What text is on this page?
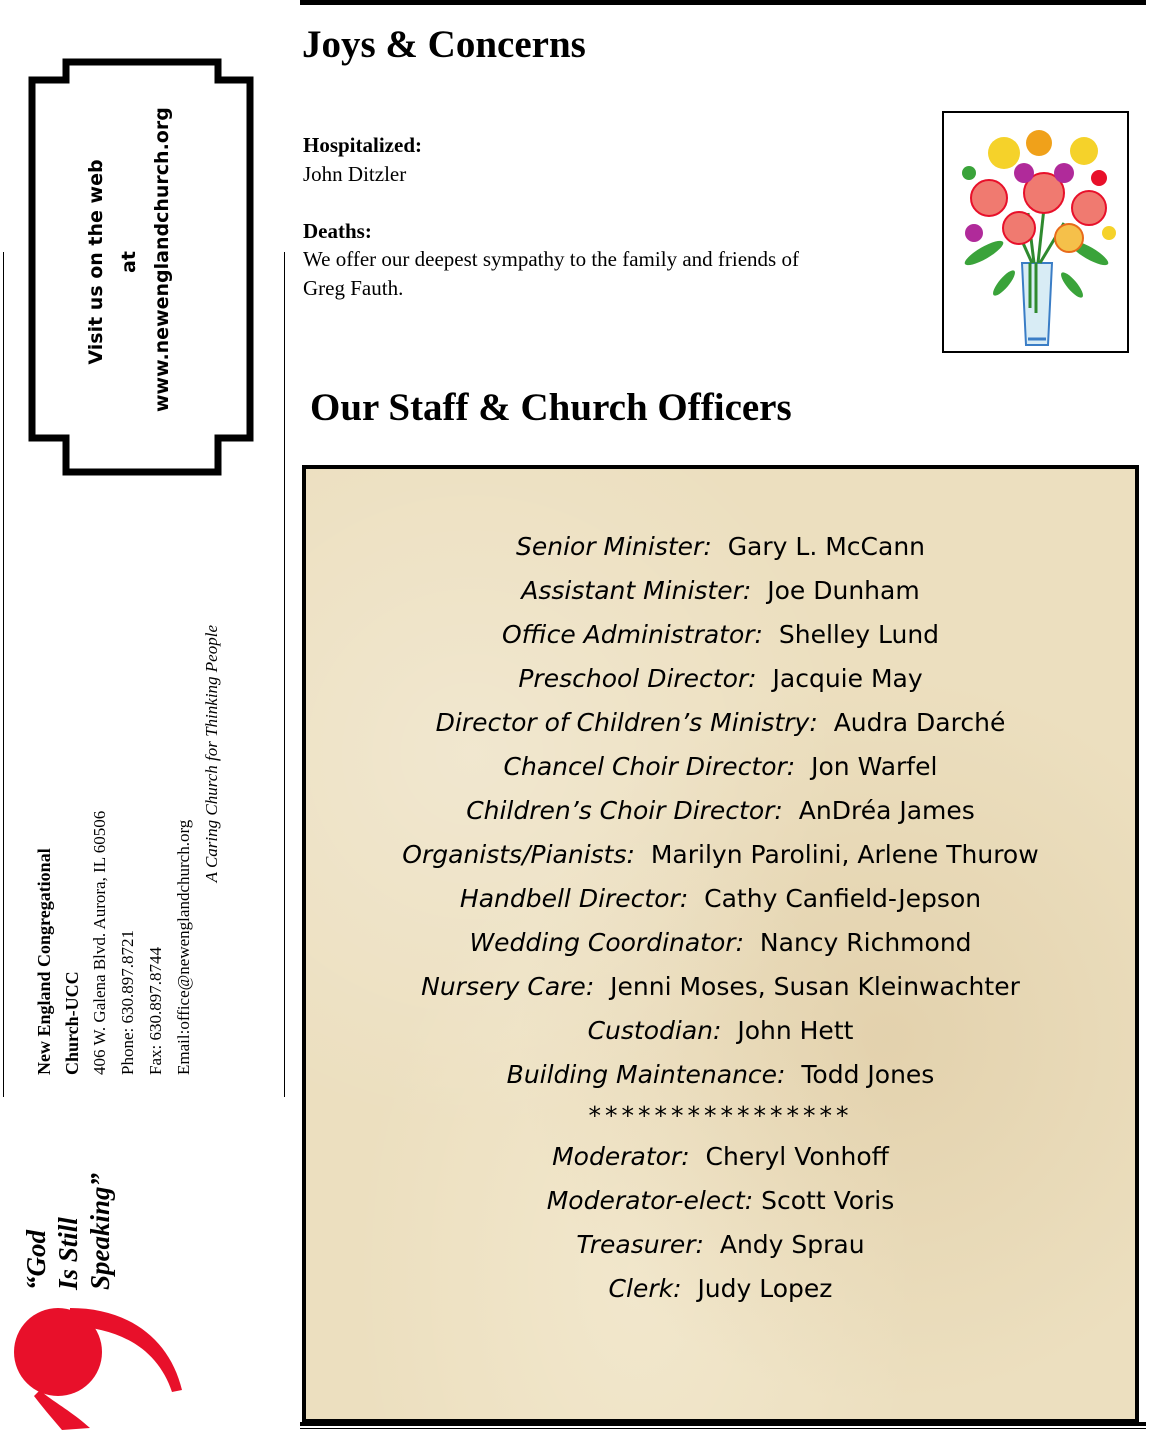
Visit us on the web at www.newenglandchurch.org
New England Congregational Church-UCC 406 W. Galena Blvd. Aurora, IL 60506 Phone: 630.897.8721 Fax: 630.897.8744 Email:office@newenglandchurch.org
A Caring Church for Thinking People
“God Is Still Speaking”
Joys & Concerns
Hospitalized:
John Ditzler
Deaths:
We offer our deepest sympathy to the family and friends of
Greg Fauth.
Our Staff & Church Officers
Senior Minister: Gary L. McCann
Assistant Minister: Joe Dunham
Office Administrator: Shelley Lund
Preschool Director: Jacquie May
Director of Children’s Ministry: Audra Darché
Chancel Choir Director: Jon Warfel
Children’s Choir Director: AnDréa James
Organists/Pianists: Marilyn Parolini, Arlene Thurow
Handbell Director: Cathy Canfield-Jepson
Wedding Coordinator: Nancy Richmond
Nursery Care: Jenni Moses, Susan Kleinwachter
Custodian: John Hett
Building Maintenance: Todd Jones
****************
Moderator: Cheryl Vonhoff
Moderator-elect: Scott Voris
Treasurer: Andy Sprau
Clerk: Judy Lopez
